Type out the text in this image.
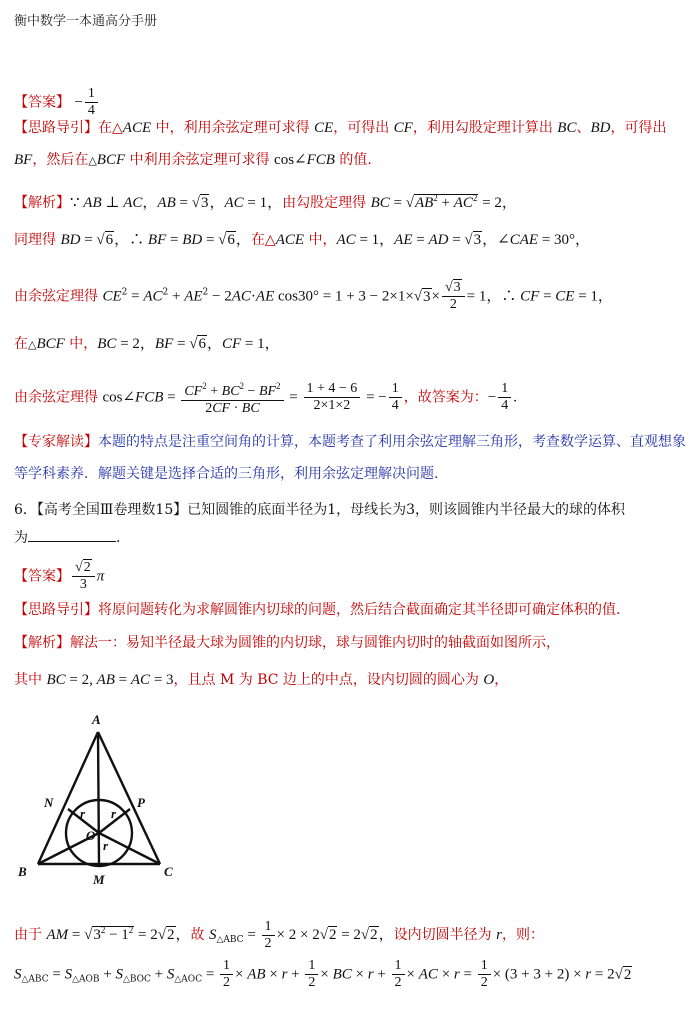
衡中数学一本通高分手册
【答案】 − $\frac{1}{4}$
【思路导引】在△ACE 中，利用余弦定理可求得 CE，可得出 CF，利用勾股定理计算出 BC、BD，可得出
BF，然后在△BCF 中利用余弦定理可求得 cos∠FCB 的值.
【解析】∵ AB ⊥ AC，AB = √3，AC = 1，由勾股定理得 BC = $√AB^2 + AC^2 = 2$，
同理得 BD = √6，∴ BF = BD = √6，在△ACE 中，AC = 1，AE = AD = √3，∠CAE = 30°，
由余弦定理得 $CE^2 = AC^2 + AE^2 - 2AC\cdot AE$ $\cos 30^\circ = 1 + 3 - 2\times 1\times√3\times \frac{√3}{2} = 1$，∴ CF = CE = 1，
在△BCF 中，BC = 2，BF = √6，CF = 1，
由余弦定理得 cos∠FCB = $\frac{CF^2 + BC^2 - BF^2}{2CF \cdot BC} = \frac{1 + 4 - 6}{2\times 1\times 2}$ = − $\frac{1}{4}$ ，故答案为：− $\frac{1}{4}$ .
【专家解读】本题的特点是注重空间角的计算，本题考查了利用余弦定理解三角形，考查数学运算、直观想象
等学科素养．解题关键是选择合适的三角形，利用余弦定理解决问题.
6．【高考全国Ⅲ卷理数15】已知圆锥的底面半径为1，母线长为3，则该圆锥内半径最大的球的体积
为	.
【答案】 $\frac{√2}{3}$ π
【思路导引】将原问题转化为求解圆锥内切球的问题，然后结合截面确定其半径即可确定体积的值.
【解析】解法一：易知半径最大球为圆锥的内切球，球与圆锥内切时的轴截面如图所示，
其中 BC = 2, AB = AC = 3，且点 M 为 BC 边上的中点，设内切圆的圆心为 O，
A
N	P
O
B
M
C
r r
r
由于 AM = $√3^2 - 1^2 = 2√2$，故 $S_{\triangle ABC} = \frac{1}{2} \times 2 \times 2√2 = 2√2$，设内切圆半径为 r，则：
$S_{\triangle ABC} = S_{\triangle AOB} + S_{\triangle BOC} + S_{\triangle AOC} = \frac{1}{2}$ × AB × $r + \frac{1}{2}$ × BC × $r + \frac{1}{2}$ × AC × $r = \frac{1}{2} \times (3 + 3 + 2) \times r = 2√2$
